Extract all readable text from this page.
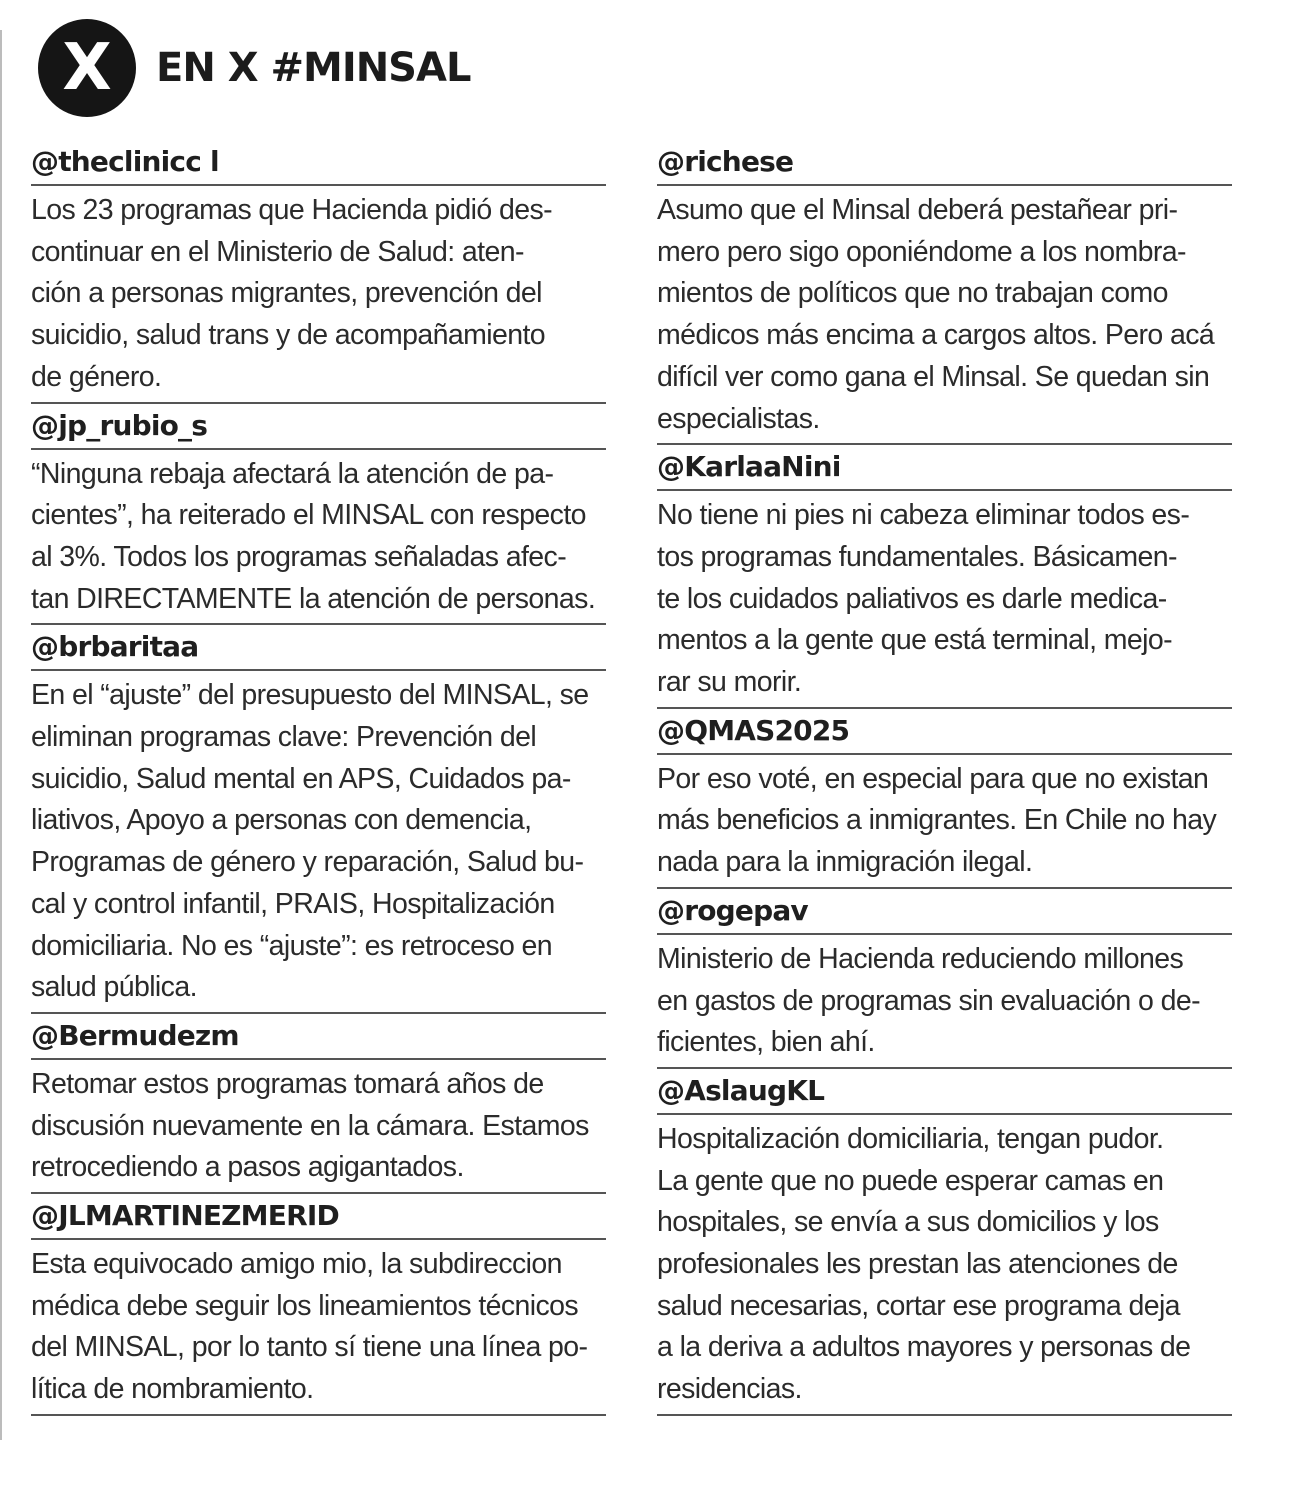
X	EN X #MINSAL
@theclinicc l
Los 23 programas que Hacienda pidió des-
continuar en el Ministerio de Salud: aten-
ción a personas migrantes, prevención del
suicidio, salud trans y de acompañamiento
de género.
@jp_rubio_s
“Ninguna rebaja afectará la atención de pa-
cientes”, ha reiterado el MINSAL con respecto
al 3%. Todos los programas señaladas afec-
tan DIRECTAMENTE la atención de personas.
@brbaritaa
En el “ajuste” del presupuesto del MINSAL, se
eliminan programas clave: Prevención del
suicidio, Salud mental en APS, Cuidados pa-
liativos, Apoyo a personas con demencia,
Programas de género y reparación, Salud bu-
cal y control infantil, PRAIS, Hospitalización
domiciliaria. No es “ajuste”: es retroceso en
salud pública.
@Bermudezm
Retomar estos programas tomará años de
discusión nuevamente en la cámara. Estamos
retrocediendo a pasos agigantados.
@JLMARTINEZMERID
Esta equivocado amigo mio, la subdireccion
médica debe seguir los lineamientos técnicos
del MINSAL, por lo tanto sí tiene una línea po-
lítica de nombramiento.
@richese
Asumo que el Minsal deberá pestañear pri-
mero pero sigo oponiéndome a los nombra-
mientos de políticos que no trabajan como
médicos más encima a cargos altos. Pero acá
difícil ver como gana el Minsal. Se quedan sin
especialistas.
@KarlaaNini
No tiene ni pies ni cabeza eliminar todos es-
tos programas fundamentales. Básicamen-
te los cuidados paliativos es darle medica-
mentos a la gente que está terminal, mejo-
rar su morir.
@QMAS2025
Por eso voté, en especial para que no existan
más beneficios a inmigrantes. En Chile no hay
nada para la inmigración ilegal.
@rogepav
Ministerio de Hacienda reduciendo millones
en gastos de programas sin evaluación o de-
ficientes, bien ahí.
@AslaugKL
Hospitalización domiciliaria, tengan pudor.
La gente que no puede esperar camas en
hospitales, se envía a sus domicilios y los
profesionales les prestan las atenciones de
salud necesarias, cortar ese programa deja
a la deriva a adultos mayores y personas de
residencias.
